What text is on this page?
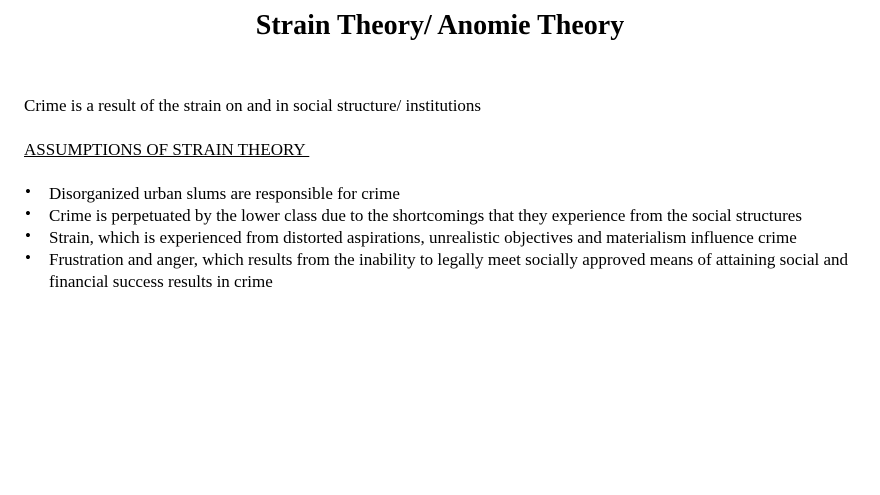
Strain Theory/ Anomie Theory

Crime is a result of the strain on and in social structure/ institutions

ASSUMPTIONS OF STRAIN THEORY

• Disorganized urban slums are responsible for crime
• Crime is perpetuated by the lower class due to the shortcomings that they experience from the social structures
• Strain, which is experienced from distorted aspirations, unrealistic objectives and materialism influence crime
• Frustration and anger, which results from the inability to legally meet socially approved means of attaining social and financial success results in crime
